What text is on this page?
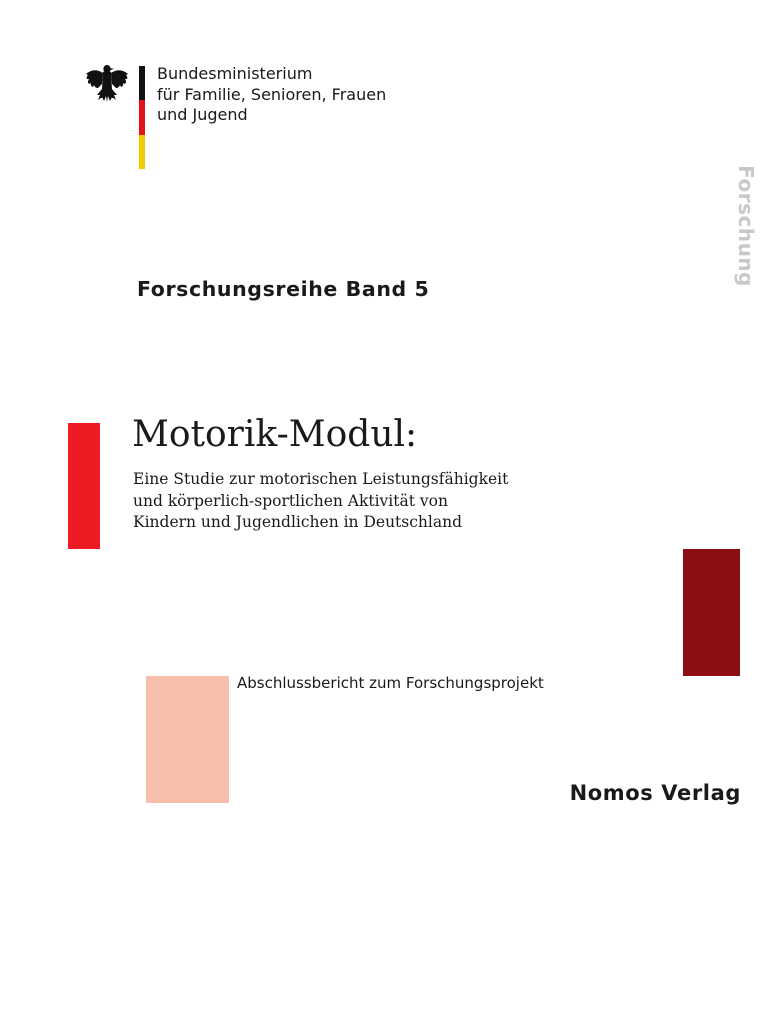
Bundesministerium
für Familie, Senioren, Frauen
und Jugend
Forschung
Forschungsreihe Band 5
Motorik-Modul:
Eine Studie zur motorischen Leistungsfähigkeit
und körperlich-sportlichen Aktivität von
Kindern und Jugendlichen in Deutschland
Abschlussbericht zum Forschungsprojekt
Nomos Verlag
